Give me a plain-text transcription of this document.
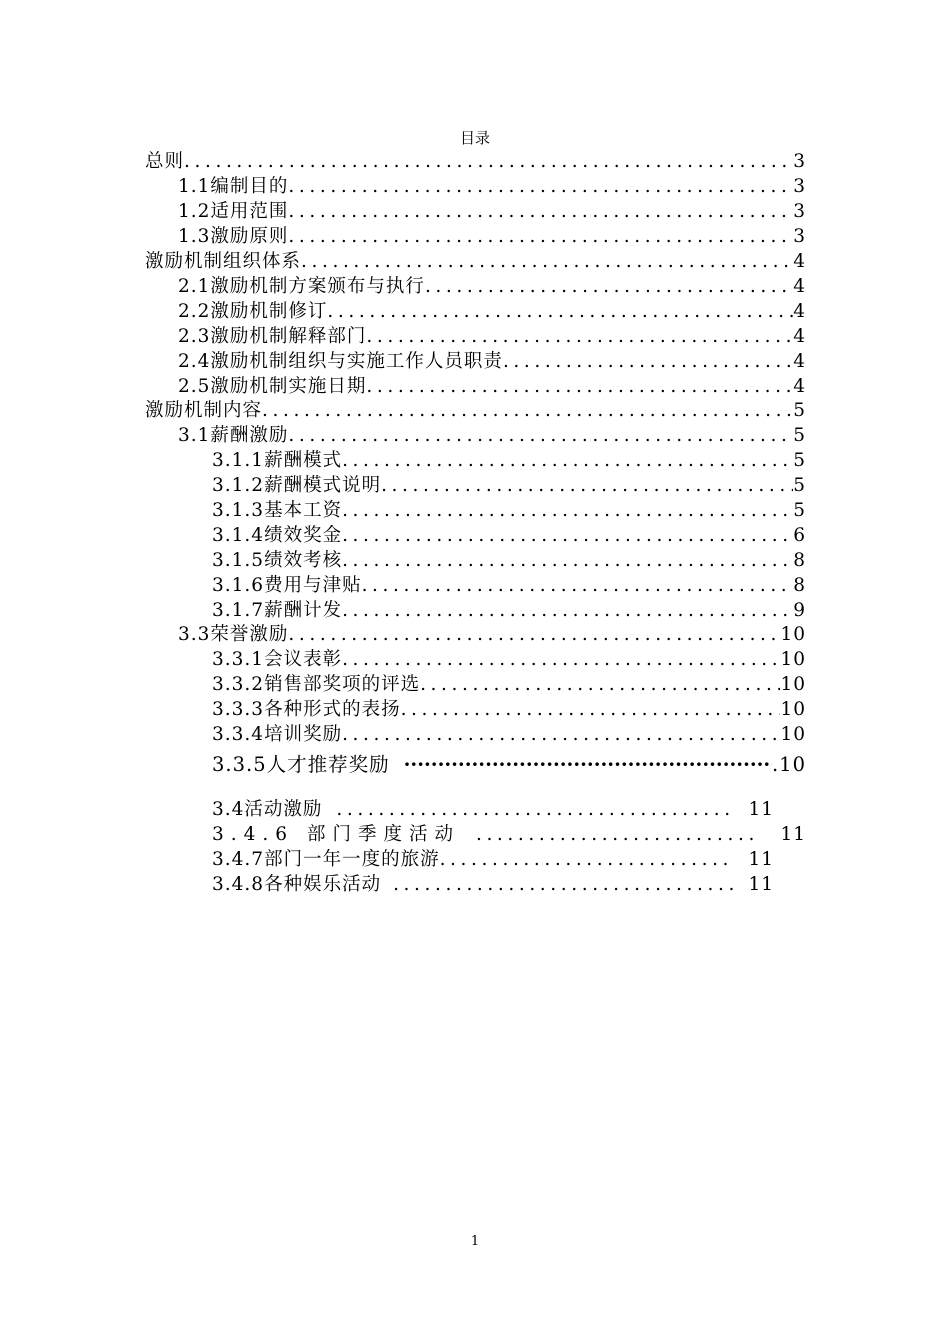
目录
总则 .....	3
1.1编制目的 .....	3
1.2适用范围 .....	3
1.3激励原则 .....	3
激励机制组织体系 .....	4
2.1激励机制方案颁布与执行 .....	4
2.2激励机制修订 .....	4
2.3激励机制解释部门 .....	4
2.4激励机制组织与实施工作人员职责 .....	4
2.5激励机制实施日期 .....	4
激励机制内容 .....	5
3.1薪酬激励 .....	5
3.1.1薪酬模式 .....	5
3.1.2薪酬模式说明 .....	5
3.1.3基本工资 .....	5
3.1.4绩效奖金 .....	6
3.1.5绩效考核 .....	8
3.1.6费用与津贴 .....	8
3.1.7薪酬计发 .....	9
3.3荣誉激励 .....	10
3.3.1会议表彰 .....	10
3.3.2销售部奖项的评选 .....	10
3.3.3各种形式的表扬 .....	10
3.3.4培训奖励 .....	10
3.3.5人才推荐奖励 ·····	.10
3.4活动激励 .....	11
3.4.6 部门季度活动 .....	11
3.4.7部门一年一度的旅游 .....	11
3.4.8各种娱乐活动 .....	11
1
